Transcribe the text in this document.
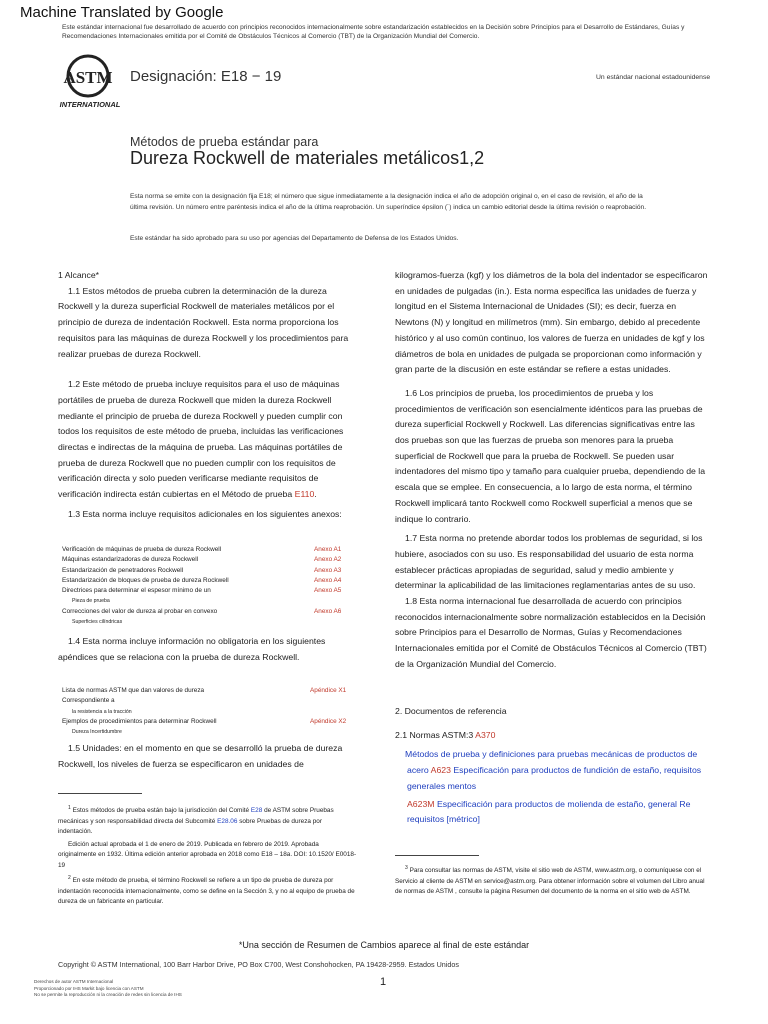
Machine Translated by Google
Este estándar internacional fue desarrollado de acuerdo con principios reconocidos internacionalmente sobre estandarización establecidos en la Decisión sobre Principios para el Desarrollo de Estándares, Guías y Recomendaciones Internacionales emitida por el Comité de Obstáculos Técnicos al Comercio (TBT) de la Organización Mundial del Comercio.
ASTM
INTERNATIONAL
Designación: E18 − 19	Un estándar nacional estadounidense
Métodos de prueba estándar para
Dureza Rockwell de materiales metálicos1,2
Esta norma se emite con la designación fija E18; el número que sigue inmediatamente a la designación indica el año de adopción original o, en el caso de revisión, el año de la última revisión. Un número entre paréntesis indica el año de la última reaprobación. Un superíndice épsilon (´) indica un cambio editorial desde la última revisión o reaprobación.
Este estándar ha sido aprobado para su uso por agencias del Departamento de Defensa de los Estados Unidos.

1 Alcance*

1.1 Estos métodos de prueba cubren la determinación de la dureza Rockwell y la dureza superficial Rockwell de materiales metálicos por el principio de dureza de indentación Rockwell. Esta norma proporciona los requisitos para las máquinas de dureza Rockwell y los procedimientos para realizar pruebas de dureza Rockwell.

1.2 Este método de prueba incluye requisitos para el uso de máquinas portátiles de prueba de dureza Rockwell que miden la dureza Rockwell mediante el principio de prueba de dureza Rockwell y pueden cumplir con todos los requisitos de este método de prueba, incluidas las verificaciones directas e indirectas de la máquina de prueba. Las máquinas portátiles de prueba de dureza Rockwell que no pueden cumplir con los requisitos de verificación directa y solo pueden verificarse mediante requisitos de verificación indirecta están cubiertas en el Método de prueba E110.

1.3 Esta norma incluye requisitos adicionales en los siguientes anexos:

Verificación de máquinas de prueba de dureza Rockwell	Anexo A1
Máquinas estandarizadoras de dureza Rockwell	Anexo A2
Estandarización de penetradores Rockwell	Anexo A3
Estandarización de bloques de prueba de dureza Rockwell	Anexo A4
Directrices para determinar el espesor mínimo de un	Anexo A5
Pieza de prueba
Correcciones del valor de dureza al probar en convexo	Anexo A6
Superficies cilíndricas

1.4 Esta norma incluye información no obligatoria en los siguientes apéndices que se relaciona con la prueba de dureza Rockwell.

Lista de normas ASTM que dan valores de dureza	Apéndice X1
Correspondiente a
la resistencia a la tracción
Ejemplos de procedimientos para determinar Rockwell	Apéndice X2
Dureza Incertidumbre

1.5 Unidades: en el momento en que se desarrolló la prueba de dureza Rockwell, los niveles de fuerza se especificaron en unidades de

$^1$ Estos métodos de prueba están bajo la jurisdicción del Comité E28 de ASTM sobre Pruebas mecánicas y son responsabilidad directa del Subcomité E28.06 sobre Pruebas de dureza por indentación.
Edición actual aprobada el 1 de enero de 2019. Publicada en febrero de 2019. Aprobada originalmente en 1932. Última edición anterior aprobada en 2018 como E18 – 18a. DOI: 10.1520/ E0018-19
$^2$ En este método de prueba, el término Rockwell se refiere a un tipo de prueba de dureza por indentación reconocida internacionalmente, como se define en la Sección 3, y no al equipo de prueba de dureza de un fabricante en particular.

kilogramos-fuerza (kgf) y los diámetros de la bola del indentador se especificaron en unidades de pulgadas (in.). Esta norma especifica las unidades de fuerza y longitud en el Sistema Internacional de Unidades (SI); es decir, fuerza en Newtons (N) y longitud en milímetros (mm). Sin embargo, debido al precedente histórico y al uso común continuo, los valores de fuerza en unidades de kgf y los diámetros de bola en unidades de pulgada se proporcionan como información y gran parte de la discusión en este estándar se refiere a estas unidades.

1.6 Los principios de prueba, los procedimientos de prueba y los procedimientos de verificación son esencialmente idénticos para las pruebas de dureza superficial Rockwell y Rockwell. Las diferencias significativas entre las dos pruebas son que las fuerzas de prueba son menores para la prueba superficial de Rockwell que para la prueba de Rockwell. Se pueden usar indentadores del mismo tipo y tamaño para cualquier prueba, dependiendo de la escala que se emplee. En consecuencia, a lo largo de esta norma, el término Rockwell implicará tanto Rockwell como Rockwell superficial a menos que se indique lo contrario.

1.7 Esta norma no pretende abordar todos los problemas de seguridad, si los hubiere, asociados con su uso. Es responsabilidad del usuario de esta norma establecer prácticas apropiadas de seguridad, salud y medio ambiente y determinar la aplicabilidad de las limitaciones reglamentarias antes de su uso.

1.8 Esta norma internacional fue desarrollada de acuerdo con principios reconocidos internacionalmente sobre normalización establecidos en la Decisión sobre Principios para el Desarrollo de Normas, Guías y Recomendaciones Internacionales emitida por el Comité de Obstáculos Técnicos al Comercio (TBT) de la Organización Mundial del Comercio.

2. Documentos de referencia

2.1 Normas ASTM:3 A370

Métodos de prueba y definiciones para pruebas mecánicas de productos de acero A623 Especificación para productos de fundición de estaño, requisitos generales mentos

A623M Especificación para productos de molienda de estaño, general Re requisitos [métrico]

$^3$ Para consultar las normas de ASTM, visite el sitio web de ASTM, www.astm.org, o comuníquese con el Servicio al cliente de ASTM en service@astm.org. Para obtener información sobre el volumen del Libro anual de normas de ASTM , consulte la página Resumen del documento de la norma en el sitio web de ASTM.
*Una sección de Resumen de Cambios aparece al final de este estándar
Copyright © ASTM International, 100 Barr Harbor Drive, PO Box C700, West Conshohocken, PA 19428-2959. Estados Unidos
1
Derechos de autor ASTM Internacional
Proporcionado por IHS Markit bajo licencia con ASTM
No se permite la reproducción ni la creación de redes sin licencia de IHS
